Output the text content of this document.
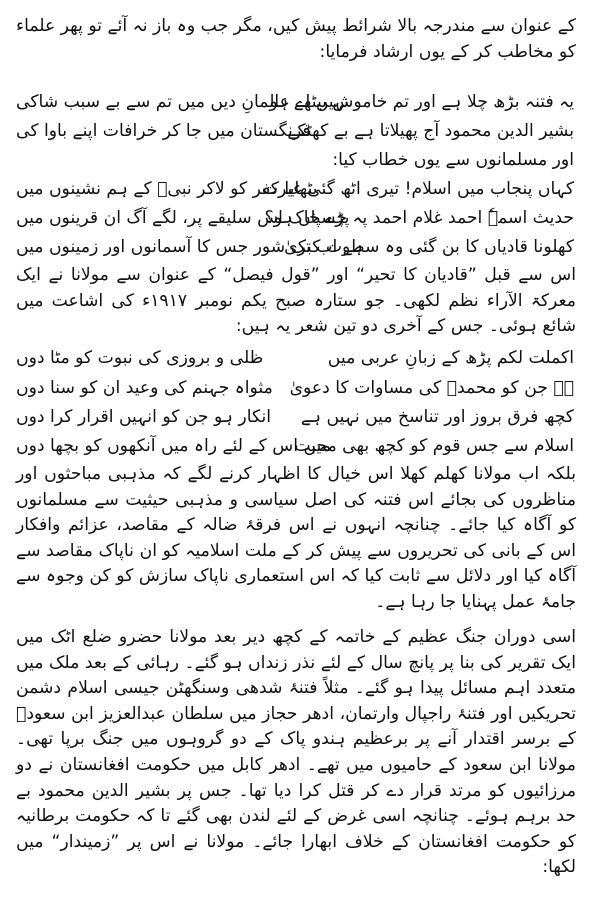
کے عنوان سے مندرجہ بالا شرائط پیش کیں، مگر جب وہ باز نہ آئے تو پھر علماء کو مخاطب کر کے یوں ارشاد فرمایا:
یہ فتنہ بڑھ چلا ہے اور تم خاموش بیٹھے ہو
نہیں اے عالمانِ دیں میں تم سے بے سبب شاکی
بشیر الدین محمود آج پھیلاتا ہے بے کھٹکے
فرنگستان میں جا کر خرافات اپنے باوا کی
اور مسلمانوں سے یوں خطاب کیا:
کہاں پنجاب میں اسلام! تیری اٹھ گئی غیرت
بٹھایا کفر کو لاکر نبیؐ کے ہم نشینوں میں
حدیث اسمہٗ احمد غلام احمد پہ چسپاں ہو؟
پڑے خاک اس سلیقے پر، لگے آگ ان قرینوں میں
کھلونا قادیاں کا بن گئی وہ سطوت کبریٰ
ہے اب تک شور جس کا آسمانوں اور زمینوں میں
اس سے قبل ”قادیان کا تحیر“ اور ”قول فیصل“ کے عنوان سے مولانا نے ایک معرکۃ الآراء نظم لکھی۔ جو ستارہ صبح یکم نومبر ۱۹۱۷ء کی اشاعت میں شائع ہوئی۔ جس کے آخری دو تین شعر یہ ہیں:
اکملت لکم پڑھ کے زبانِ عربی میں
ظلی و بروزی کی نبوت کو مٹا دوں
ہے جن کو محمدؐ کی مساوات کا دعویٰ
مثواہ جہنم کی وعید ان کو سنا دوں
کچھ فرق بروز اور تناسخ میں نہیں ہے
انکار ہو جن کو انہیں اقرار کرا دوں
اسلام سے جس قوم کو کچھ بھی محبت
میں اس کے لئے راہ میں آنکھوں کو بچھا دوں
بلکہ اب مولانا کھلم کھلا اس خیال کا اظہار کرنے لگے کہ مذہبی مباحثوں اور مناظروں کی بجائے اس فتنہ کی اصل سیاسی و مذہبی حیثیت سے مسلمانوں کو آگاہ کیا جائے۔ چنانچہ انہوں نے اس فرقۂ ضالہ کے مقاصد، عزائم وافکار اس کے بانی کی تحریروں سے پیش کر کے ملت اسلامیہ کو ان ناپاک مقاصد سے آگاہ کیا اور دلائل سے ثابت کیا کہ اس استعماری ناپاک سازش کو کن وجوہ سے جامۂ عمل پہنایا جا رہا ہے۔
اسی دوران جنگ عظیم کے خاتمہ کے کچھ دیر بعد مولانا حضرو ضلع اٹک میں ایک تقریر کی بنا پر پانچ سال کے لئے نذر زنداں ہو گئے۔ رہائی کے بعد ملک میں متعدد اہم مسائل پیدا ہو گئے۔ مثلاً فتنۂ شدھی وسنگھٹن جیسی اسلام دشمن تحریکیں اور فتنۂ راجپال وارتمان، ادھر حجاز میں سلطان عبدالعزیز ابن سعودؒ کے برسر اقتدار آنے پر برعظیم ہندو پاک کے دو گروہوں میں جنگ برپا تھی۔ مولانا ابن سعود کے حامیوں میں تھے۔ ادھر کابل میں حکومت افغانستان نے دو مرزائیوں کو مرتد قرار دے کر قتل کرا دیا تھا۔ جس پر بشیر الدین محمود بے حد برہم ہوئے۔ چنانچہ اسی غرض کے لئے لندن بھی گئے تا کہ حکومت برطانیہ کو حکومت افغانستان کے خلاف ابھارا جائے۔ مولانا نے اس پر ”زمیندار“ میں لکھا:
